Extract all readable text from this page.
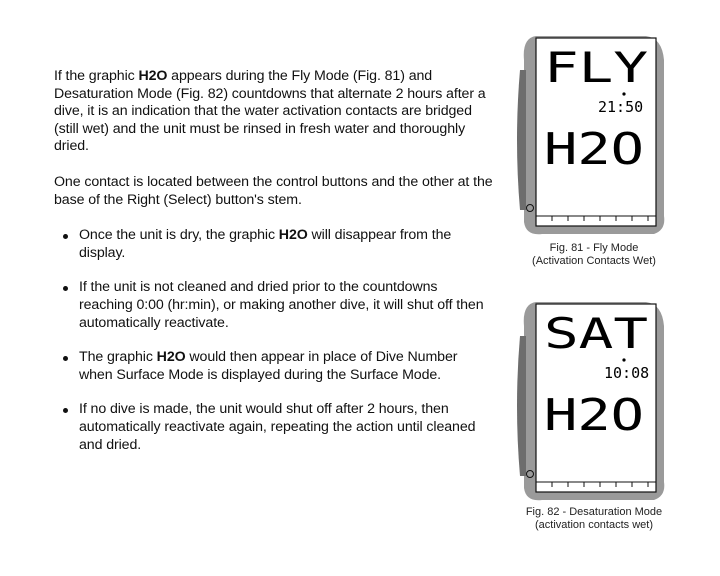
If the graphic H2O appears during the Fly Mode (Fig. 81) and Desaturation Mode (Fig. 82) countdowns that alternate 2 hours after a dive, it is an indication that the water activation contacts are bridged (still wet) and the unit must be rinsed in fresh water and thoroughly dried.

One contact is located between the control buttons and the other at the base of the Right (Select) button's stem.

Once the unit is dry, the graphic H2O will disappear from the display.
If the unit is not cleaned and dried prior to the countdowns reaching 0:00 (hr:min), or making another dive, it will shut off then automatically reactivate.
The graphic H2O would then appear in place of Dive Number when Surface Mode is displayed during the Surface Mode.
If no dive is made, the unit would shut off after 2 hours, then automatically reactivate again, repeating the action until cleaned and dried.
FLY
21:50
H2O
ATR
Fig. 81 - Fly Mode
(Activation Contacts Wet)
SAT
10:08
H2O
ATR
Fig. 82 - Desaturation Mode
(activation contacts wet)
